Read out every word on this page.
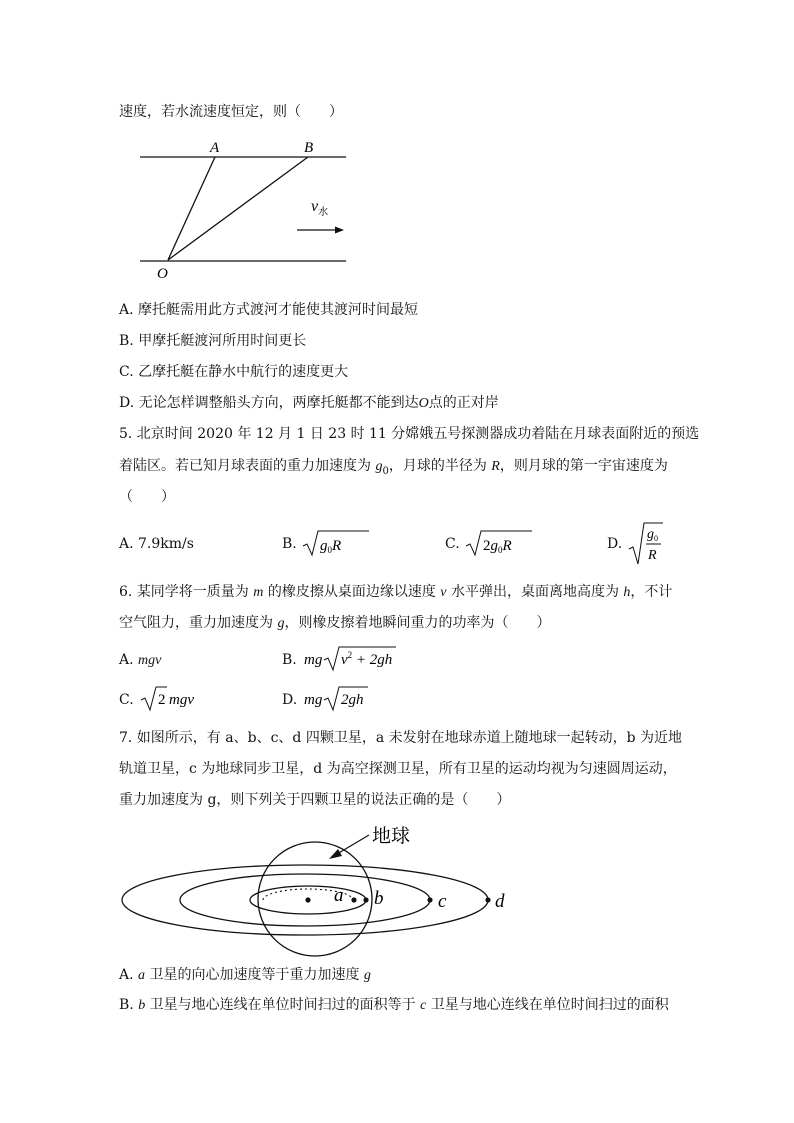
速度，若水流速度恒定，则（　　）
A	B
O
$v_水$
A. 摩托艇需用此方式渡河才能使其渡河时间最短
B. 甲摩托艇渡河所用时间更长
C. 乙摩托艇在静水中航行的速度更大
D. 无论怎样调整船头方向，两摩托艇都不能到达O点的正对岸
5. 北京时间 2020 年 12 月 1 日 23 时 11 分嫦娥五号探测器成功着陆在月球表面附近的预选
着陆区。若已知月球表面的重力加速度为 $g_0$，月球的半径为 R，则月球的第一宇宙速度为
（　　）
A. 7.9km/s	B. $g_0R$	C. $2g_0R$	D.
$g_0$
R
6. 某同学将一质量为 m 的橡皮擦从桌面边缘以速度 v 水平弹出，桌面离地高度为 h，不计
空气阻力，重力加速度为 g，则橡皮擦着地瞬间重力的功率为（　　）
A. mgv	B. mg $v^2 + 2gh$
C. 2 mgv	D. mg 2gh
7. 如图所示，有 a、b、c、d 四颗卫星，a 未发射在地球赤道上随地球一起转动，b 为近地
轨道卫星，c 为地球同步卫星，d 为高空探测卫星，所有卫星的运动均视为匀速圆周运动，
重力加速度为 g，则下列关于四颗卫星的说法正确的是（　　）
地球
a b	c	d
A. a 卫星的向心加速度等于重力加速度 g
B. b 卫星与地心连线在单位时间扫过的面积等于 c 卫星与地心连线在单位时间扫过的面积
